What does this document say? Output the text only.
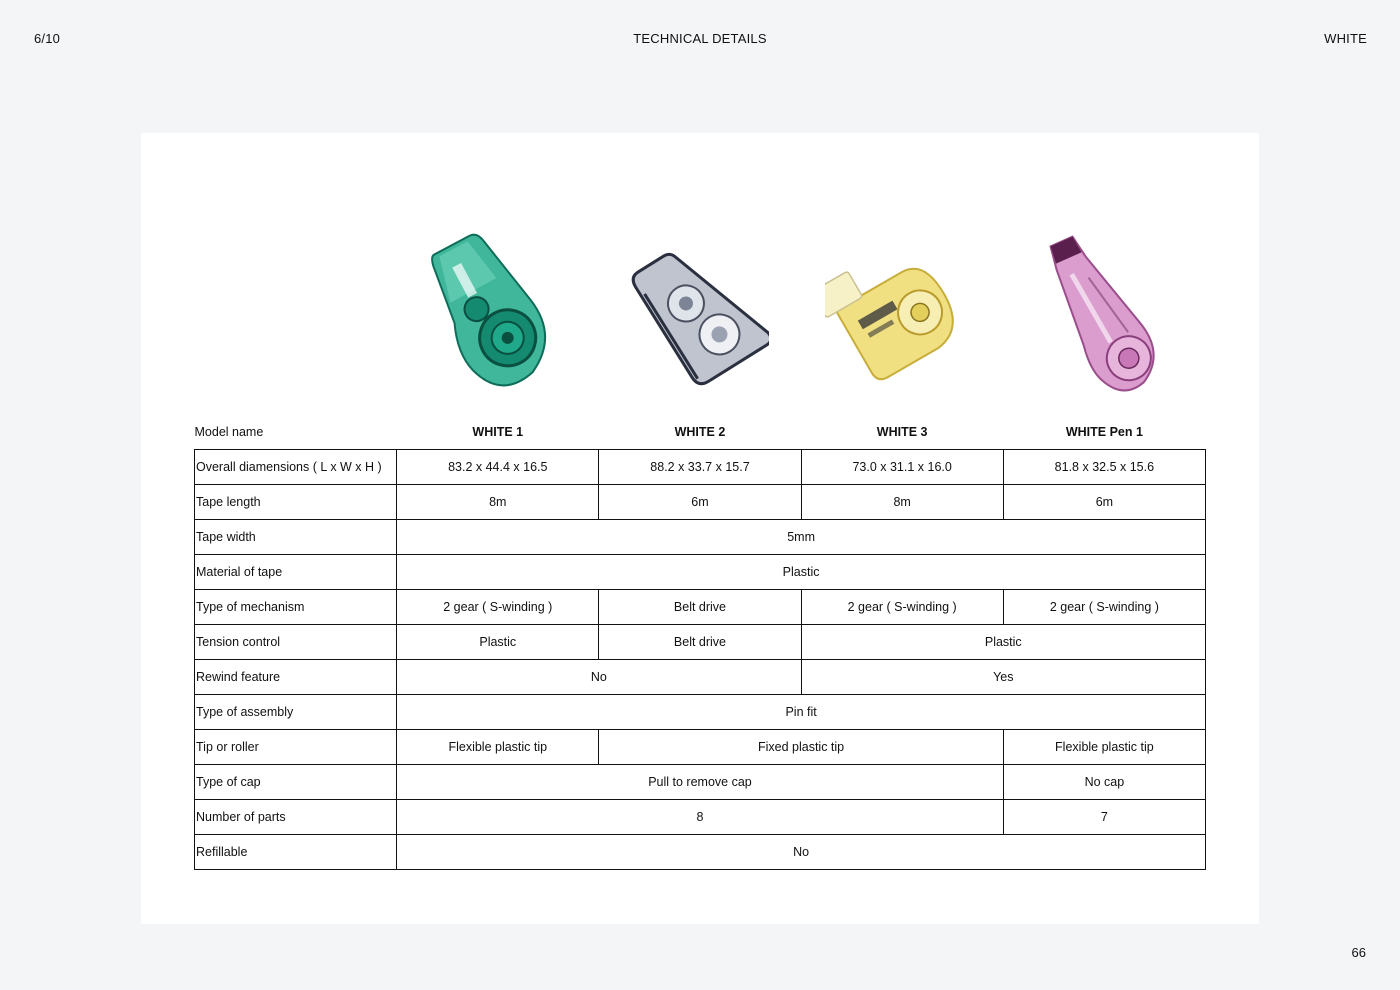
6/10	TECHNICAL DETAILS	WHITE
Model name	WHITE 1	WHITE 2	WHITE 3	WHITE Pen 1
Overall diamensions ( L x W x H )	83.2 x 44.4 x 16.5	88.2 x 33.7 x 15.7	73.0 x 31.1 x 16.0	81.8 x 32.5 x 15.6
Tape length	8m	6m	8m	6m
Tape width	5mm			
Material of tape	Plastic			
Type of mechanism	2 gear ( S-winding )	Belt drive	2 gear ( S-winding )	2 gear ( S-winding )
Tension control	Plastic	Belt drive	Plastic	
Rewind feature	No		Yes	
Type of assembly	Pin fit			
Tip or roller	Flexible plastic tip	Fixed plastic tip		Flexible plastic tip
Type of cap	Pull to remove cap			No cap
Number of parts	8			7
Refillable	No			
66
